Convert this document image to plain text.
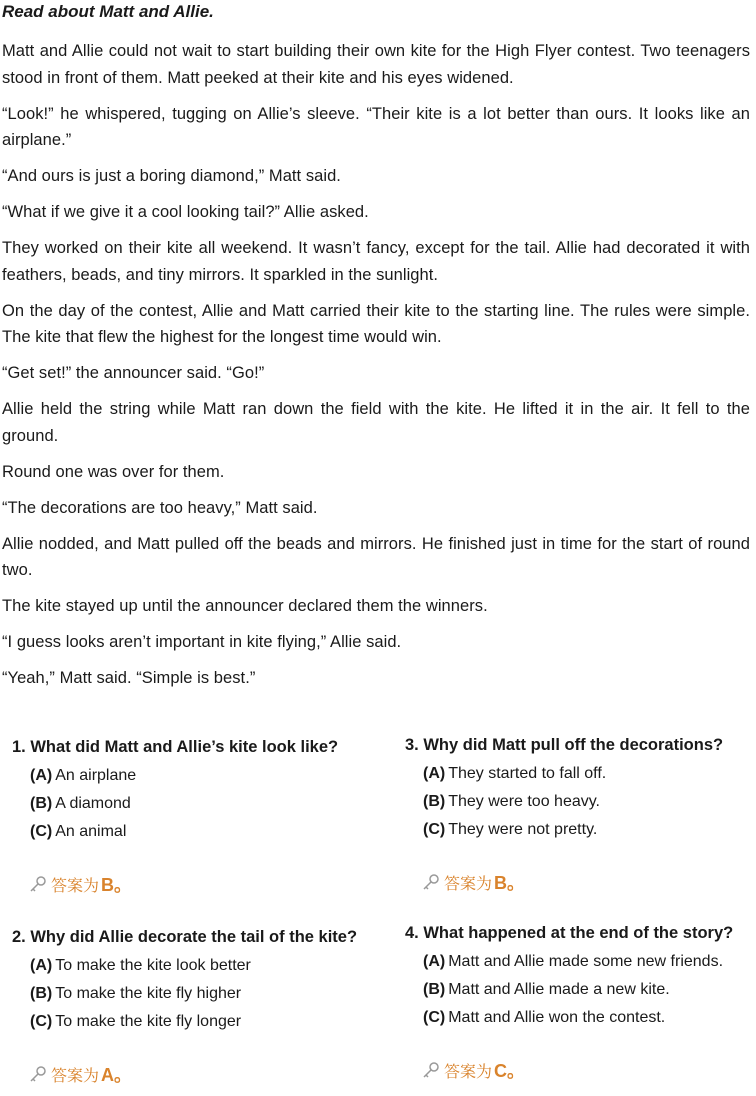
Read about Matt and Allie.

Matt and Allie could not wait to start building their own kite for the High Flyer contest. Two teenagers stood in front of them. Matt peeked at their kite and his eyes widened.

“Look!” he whispered, tugging on Allie’s sleeve. “Their kite is a lot better than ours. It looks like an airplane.”

“And ours is just a boring diamond,” Matt said.

“What if we give it a cool looking tail?” Allie asked.

They worked on their kite all weekend. It wasn’t fancy, except for the tail. Allie had decorated it with feathers, beads, and tiny mirrors. It sparkled in the sunlight.

On the day of the contest, Allie and Matt carried their kite to the starting line. The rules were simple. The kite that flew the highest for the longest time would win.

“Get set!” the announcer said. “Go!”

Allie held the string while Matt ran down the field with the kite. He lifted it in the air. It fell to the ground.

Round one was over for them.

“The decorations are too heavy,” Matt said.

Allie nodded, and Matt pulled off the beads and mirrors. He finished just in time for the start of round two.

The kite stayed up until the announcer declared them the winners.

“I guess looks aren’t important in kite flying,” Allie said.

“Yeah,” Matt said. “Simple is best.”

1. What did Matt and Allie’s kite look like?
(A) An airplane
(B) A diamond
(C) An animal
答案为 B。
2. Why did Allie decorate the tail of the kite?
(A) To make the kite look better
(B) To make the kite fly higher
(C) To make the kite fly longer
答案为 A。
3. Why did Matt pull off the decorations?
(A) They started to fall off.
(B) They were too heavy.
(C) They were not pretty.
答案为 B。
4. What happened at the end of the story?
(A) Matt and Allie made some new friends.
(B) Matt and Allie made a new kite.
(C) Matt and Allie won the contest.
答案为 C。
